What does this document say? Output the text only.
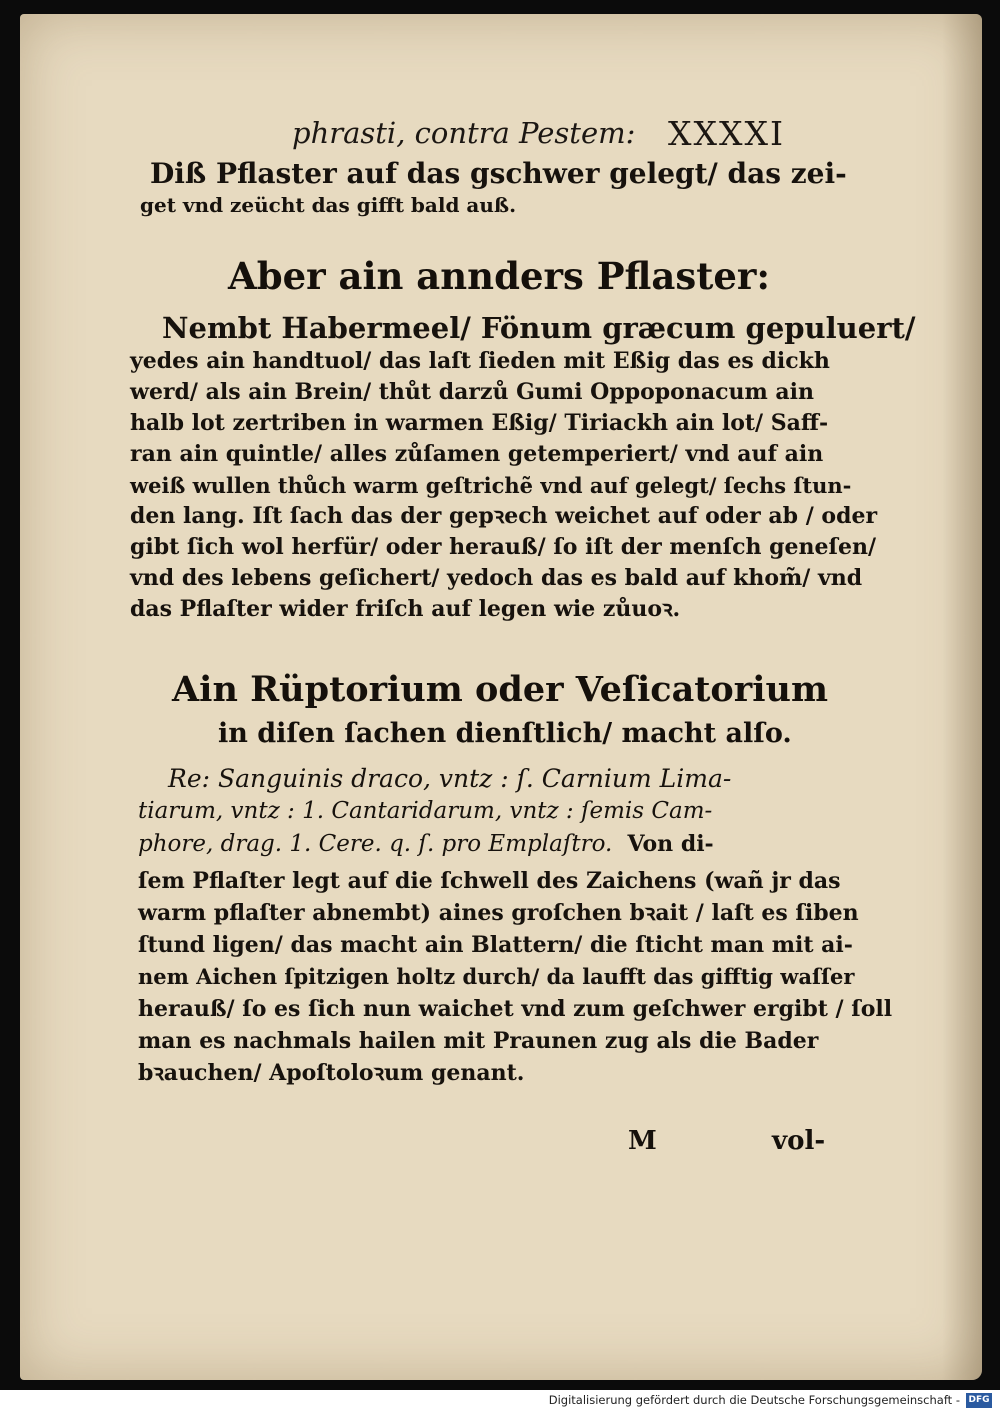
phrasti, contra Pestem: XXXXI
Diß Pflaster auf das gschwer gelegt/ das zei-
get vnd zeücht das gifft bald auß.
Aber ain annders Pflaster:
Nembt Habermeel/ Fönum græcum gepuluert/
yedes ain handtuol/ das laſt ſieden mit Eßig das es dickh
werd/ als ain Brein/ thůt darzů Gumi Oppoponacum ain
halb lot zertriben in warmen Eßig/ Tiriackh ain lot/ Saff-
ran ain quintle/ alles zůſamen getemperiert/ vnd auf ain
weiß wullen thůch warm geſtrichẽ vnd auf gelegt/ ſechs ſtun-
den lang. Iſt ſach das der gepꝛech weichet auf oder ab / oder
gibt ſich wol herfür/ oder herauß/ ſo iſt der menſch geneſen/
vnd des lebens geſichert/ yedoch das es bald auf khom̃/ vnd
das Pflaſter wider friſch auf legen wie zůuoꝛ.
Ain Rüptorium oder Veſicatorium
in diſen ſachen dienſtlich/ macht alſo.
Re: Sanguinis draco, vntz : ſ. Carnium Lima-
tiarum, vntz : 1. Cantaridarum, vntz : ſemis Cam-
phore, drag. 1. Cere. q. ſ. pro Emplaſtro. Von di-
ſem Pflaſter legt auf die ſchwell des Zaichens (wañ jr das
warm pflaſter abnembt) aines groſchen bꝛait / laſt es ſiben
ſtund ligen/ das macht ain Blattern/ die ſticht man mit ai-
nem Aichen ſpitzigen holtz durch/ da laufft das gifftig waſſer
herauß/ ſo es ſich nun waichet vnd zum geſchwer ergibt / ſoll
man es nachmals hailen mit Praunen zug als die Bader
bꝛauchen/ Apoſtoloꝛum genant.
M	vol-
Digitalisierung gefördert durch die Deutsche Forschungsgemeinschaft - DFG
